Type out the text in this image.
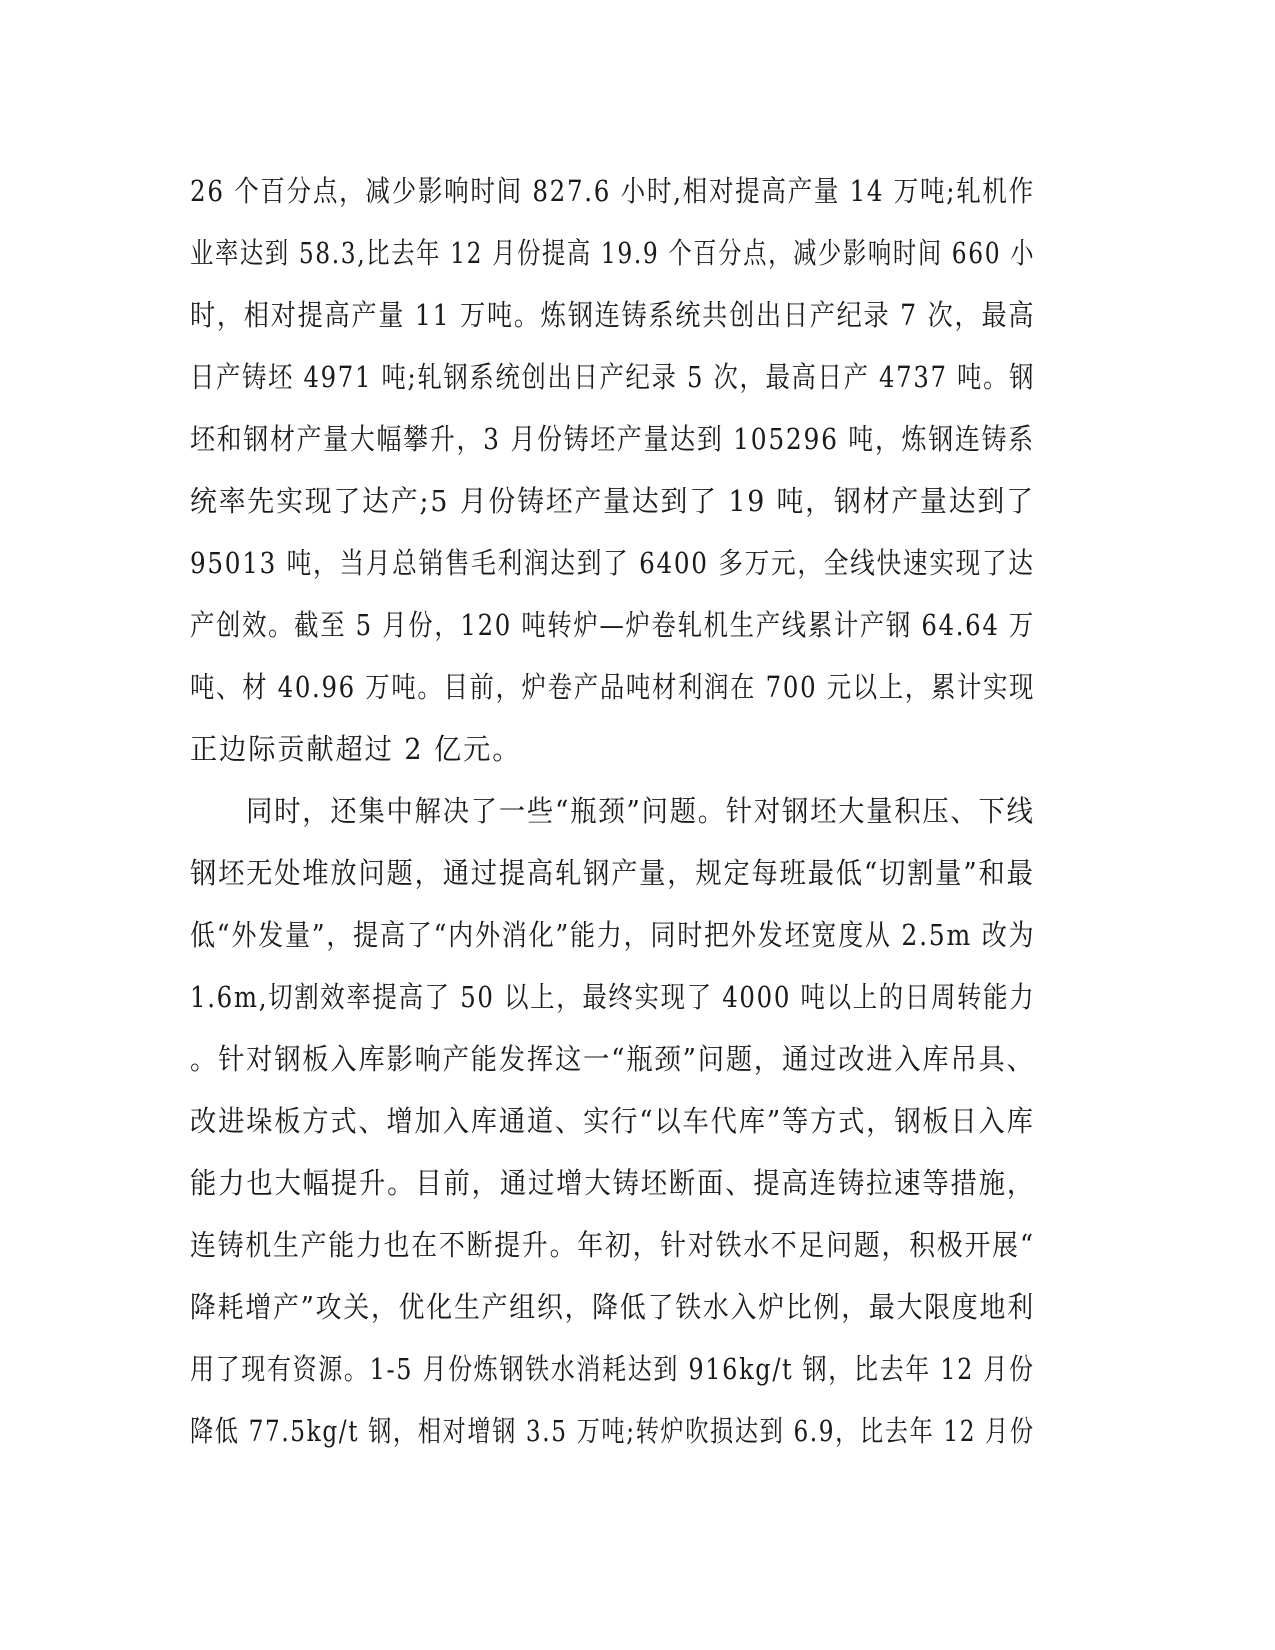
26 个百分点，减少影响时间 827.6 小时,相对提高产量 14 万吨;轧机作
业率达到 58.3,比去年 12 月份提高 19.9 个百分点，减少影响时间 660 小
时，相对提高产量 11 万吨。炼钢连铸系统共创出日产纪录 7 次，最高
日产铸坯 4971 吨;轧钢系统创出日产纪录 5 次，最高日产 4737 吨。钢
坯和钢材产量大幅攀升，3 月份铸坯产量达到 105296 吨，炼钢连铸系
统率先实现了达产;5 月份铸坯产量达到了 19 吨，钢材产量达到了
95013 吨，当月总销售毛利润达到了 6400 多万元，全线快速实现了达
产创效。截至 5 月份，120 吨转炉—炉卷轧机生产线累计产钢 64.64 万
吨、材 40.96 万吨。目前，炉卷产品吨材利润在 700 元以上，累计实现
正边际贡献超过 2 亿元。
　　同时，还集中解决了一些“瓶颈”问题。针对钢坯大量积压、下线
钢坯无处堆放问题，通过提高轧钢产量，规定每班最低“切割量”和最
低“外发量”，提高了“内外消化”能力，同时把外发坯宽度从 2.5m 改为
1.6m,切割效率提高了 50 以上，最终实现了 4000 吨以上的日周转能力
。针对钢板入库影响产能发挥这一“瓶颈”问题，通过改进入库吊具、
改进垛板方式、增加入库通道、实行“以车代库”等方式，钢板日入库
能力也大幅提升。目前，通过增大铸坯断面、提高连铸拉速等措施，
连铸机生产能力也在不断提升。年初，针对铁水不足问题，积极开展“
降耗增产”攻关，优化生产组织，降低了铁水入炉比例，最大限度地利
用了现有资源。1-5 月份炼钢铁水消耗达到 916kg/t 钢，比去年 12 月份
降低 77.5kg/t 钢，相对增钢 3.5 万吨;转炉吹损达到 6.9，比去年 12 月份
